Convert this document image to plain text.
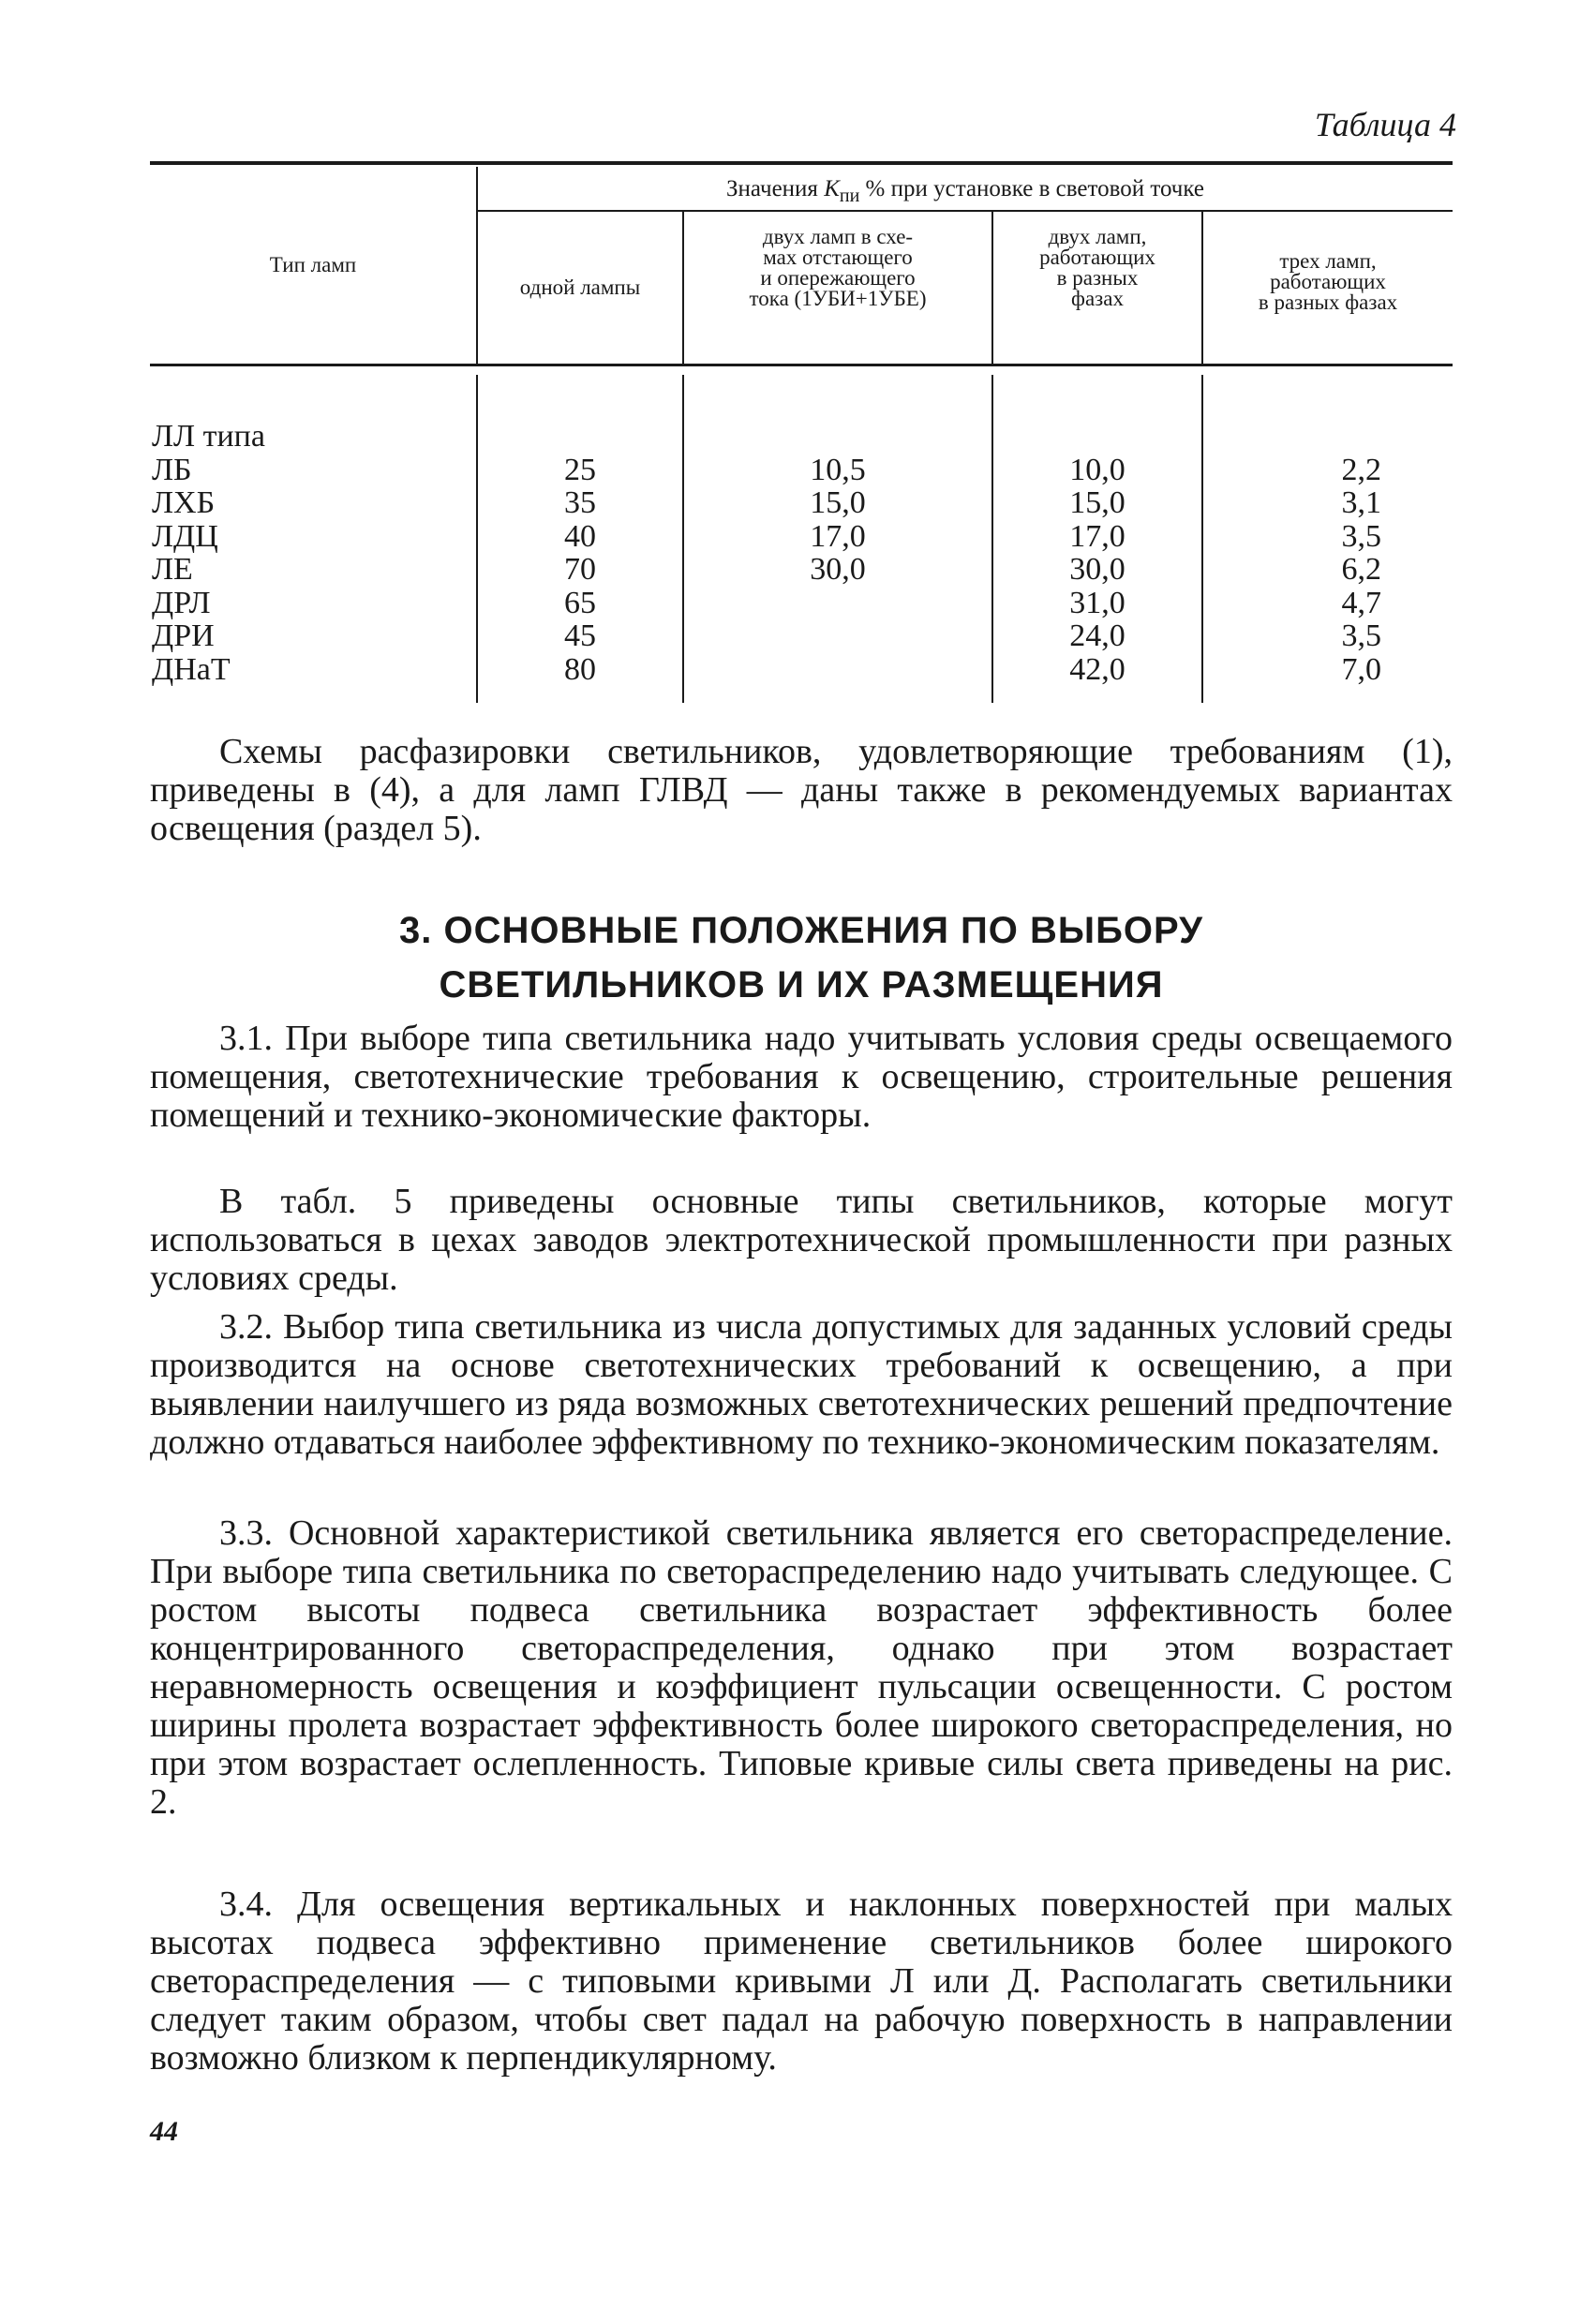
Таблица 4
Тип ламп
Значения $K_{пи}$ % при установке в световой точке
одной лампы
двух ламп в схе-
мах отстающего
и опережающего
тока (1УБИ+1УБЕ)
двух ламп,
работающих
в разных
фазах
трех ламп,
работающих
в разных фазах
ЛЛ типа
ЛБ
ЛХБ
ЛДЦ
ЛЕ
ДРЛ
ДРИ
ДНаТ

25
35
40
70
65
45
80

10,5
15,0
17,0
30,0

10,0
15,0
17,0
30,0
31,0
24,0
42,0

2,2
3,1
3,5
6,2
4,7
3,5
7,0

Схемы расфазировки светильников, удовлетворяющие требованиям (1), приведены в (4), а для ламп ГЛВД — даны также в рекомендуемых вариантах освещения (раздел 5).

3. ОСНОВНЫЕ ПОЛОЖЕНИЯ ПО ВЫБОРУ
СВЕТИЛЬНИКОВ И ИХ РАЗМЕЩЕНИЯ

3.1. При выборе типа светильника надо учитывать условия среды освещаемого помещения, светотехнические требования к освещению, строительные решения помещений и технико-экономические факторы.

В табл. 5 приведены основные типы светильников, которые могут использоваться в цехах заводов электротехнической промышленности при разных условиях среды.

3.2. Выбор типа светильника из числа допустимых для заданных условий среды производится на основе светотехнических требований к освещению, а при выявлении наилучшего из ряда возможных светотехнических решений предпочтение должно отдаваться наиболее эффективному по технико-экономическим показателям.

3.3. Основной характеристикой светильника является его светораспределение. При выборе типа светильника по светораспределению надо учитывать следующее. С ростом высоты подвеса светильника возрастает эффективность более концентрированного светораспределения, однако при этом возрастает неравномерность освещения и коэффициент пульсации освещенности. С ростом ширины пролета возрастает эффективность более широкого светораспределения, но при этом возрастает ослепленность. Типовые кривые силы света приведены на рис. 2.

3.4. Для освещения вертикальных и наклонных поверхностей при малых высотах подвеса эффективно применение светильников более широкого светораспределения — с типовыми кривыми Л или Д. Располагать светильники следует таким образом, чтобы свет падал на рабочую поверхность в направлении возможно близком к перпендикулярному.

44
